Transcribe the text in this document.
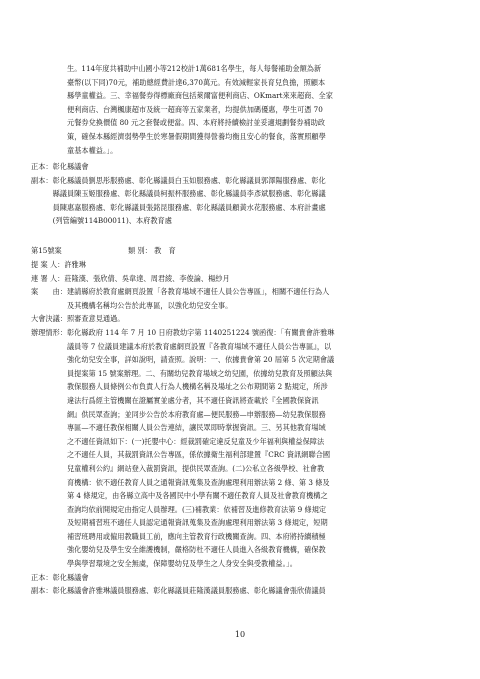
生。114年度共補助中山國小等212校計1萬681名學生，每人每餐補助金額為新
臺幣(以下同)70元，補助總經費計達6,370萬元。有效減輕家長育兒負擔，照顧本
縣學童權益。三、幸福餐券得標廠商包括萊爾富便利商店、OKmart來來超商、全家
便利商店、台灣楓康超市及統一超商等五家業者，均提供加碼優惠，學生可憑 70
元餐券兌換價值 80 元之套餐或便當。四、本府將持續檢討並妥適規劃餐券補助政
策，確保本縣經濟弱勢學生於寒暑假期間獲得營養均衡且安心的餐食，落實照顧學
童基本權益。」。
正本： 彰化縣議會
副本： 彰化縣議員劉思彤服務處、彰化縣議員白玉如服務處、彰化縣議員郭澤陽服務處、彰化
縣議員陳玉姬服務處、彰化縣議員柯振杯服務處、彰化縣議員李彥斌服務處、彰化縣議
員陳惠嘉服務處、彰化縣議員張銘昆服務處、彰化縣議員顧黃水花服務處、本府計畫處
(列管編號114B00011)、本府教育處
第15號案	類 別： 教　育
提 案 人： 許雅琳
連 署 人： 莊隆漢、張欣倩、吳韋達、周君綾、李俊論、楊紗月
案　　由： 建請縣府於教育處網頁設置「各教育場域不適任人員公告專區」，相關不適任行為人
及其機構名稱均公告於此專區，以強化幼兒安全事。
大會決議： 照審查意見通過。
辦理情形： 彰化縣政府 114 年 7 月 10 日府教幼字第 1140251224 號函復：「有關貴會許雅琳
議員等 7 位議員建議本府於教育處網頁設置『各教育場域不適任人員公告專區』，以
強化幼兒安全事，詳如說明，請查照。說明：一、依據貴會第 20 屆第 5 次定期會議
員提案第 15 號案辦理。二、有關幼兒教育場域之幼兒園，依據幼兒教育及照顧法與
教保服務人員條例公布負責人行為人機構名稱及場址之公布期間第 2 點規定，所涉
違法行爲經主管機關在證屬實並處分者，其不適任資訊將查載於『全國教保資訊
網』供民眾查詢；並同步公告於本府教育處—便民服務—申辦服務—幼兒教保服務
專區—不適任教保相關人員公告連結，讓民眾即時掌握資訊。三、另其他教育場域
之不適任資訊如下：(一)托嬰中心：經裁罰確定違反兒童及少年福利與權益保障法
之不適任人員，其裁罰資訊公告專區，係依據衛生福利部建置『CRC 資訊網聯合國
兒童權利公約』網站登入裁罰資訊，提供民眾查詢。(二)公私立各級學校、社會教
育機構：依不適任教育人員之通報資訊蒐集及查詢處理利用辦法第 2 條、第 3 條及
第 4 條規定，由各縣立高中及各國民中小學有關不適任教育人員及社會教育機構之
查詢均依前開規定由指定人員辦理。(三)補教業：依補習及進修教育法第 9 條規定
及短期補習班不適任人員認定通報資訊蒐集及查詢處理利用辦法第 3 條規定，短期
補習班聘用或僱用教職員工前，應向主管教育行政機關查詢。四、本府將持續積極
強化嬰幼兒及學生安全維護機制，嚴格防杜不適任人員進入各級教育機構，確保教
學與學習環境之安全無虞，保障嬰幼兒及學生之人身安全與受教權益。」。
正本： 彰化縣議會
副本： 彰化縣議會許雅琳議員服務處、彰化縣議員莊隆漢議員服務處、彰化縣議會張欣倩議員
10
